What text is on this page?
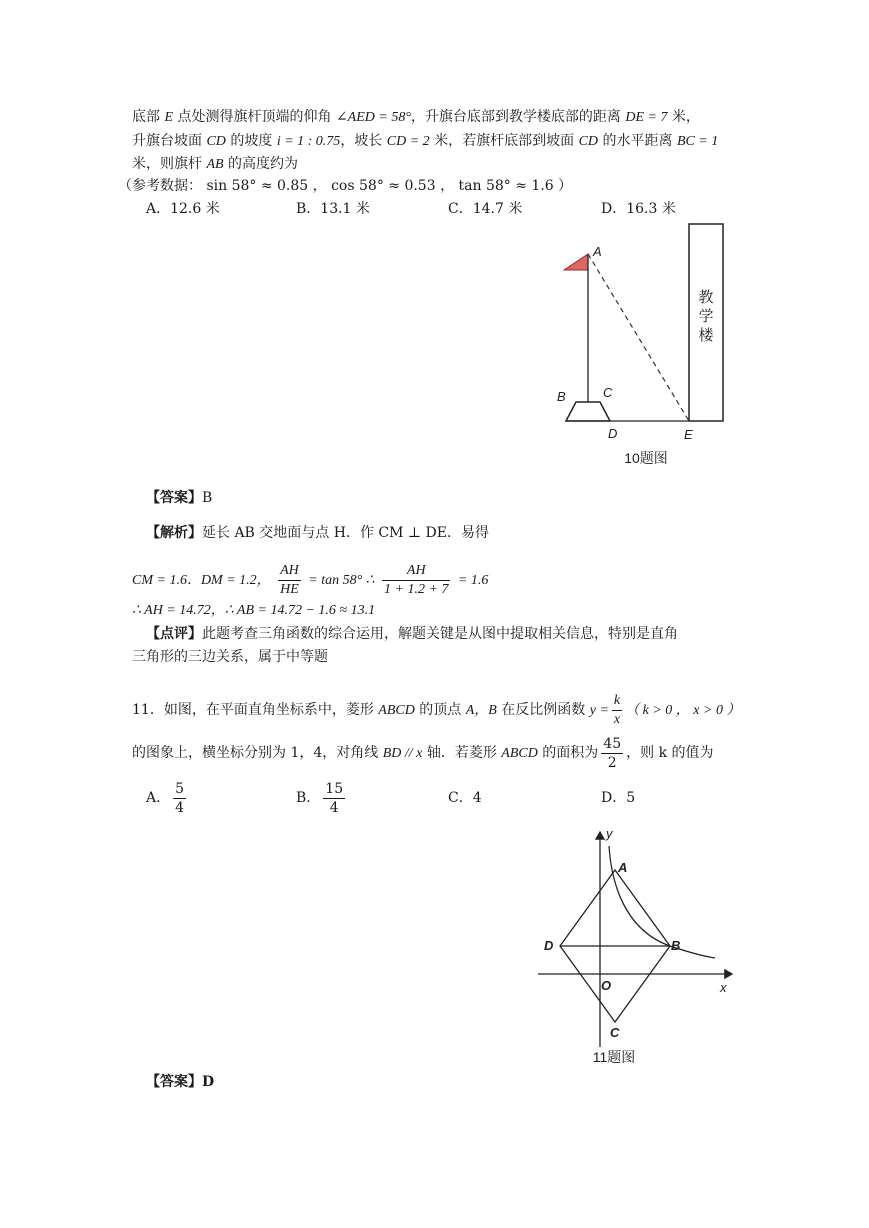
底部 E 点处测得旗杆顶端的仰角 ∠AED = 58°，升旗台底部到教学楼底部的距离 DE = 7 米，
升旗台坡面 CD 的坡度 i = 1 : 0.75，坡长 CD = 2 米，若旗杆底部到坡面 CD 的水平距离 BC = 1
米，则旗杆 AB 的高度约为
（参考数据： sin 58° ≈ 0.85 ， cos 58° ≈ 0.53 ， tan 58° ≈ 1.6 ）
A．12.6 米	B．13.1 米	C．14.7 米	D．16.3 米
教
学
楼
A
B	C
D	E
10题图
【答案】B
【解析】延长 AB 交地面与点 H．作 CM ⊥ DE．易得
CM = 1.6．DM = 1.2， $\frac{AH}{HE} = \tan 58^\circ$ ∴ $\frac{AH}{1 + 1.2 + 7} = 1.6$
∴ AH = 14.72，∴ AB = 14.72 − 1.6 ≈ 13.1
【点评】此题考查三角函数的综合运用，解题关键是从图中提取相关信息，特别是直角
三角形的三边关系，属于中等题
11．如图，在平面直角坐标系中，菱形 ABCD 的顶点 A，B 在反比例函数 $y = \frac{k}{x}$ （ k > 0 ， x > 0 ）
的图象上，横坐标分别为 1，4，对角线 BD // x 轴．若菱形 ABCD 的面积为 $\frac{45}{2}$ ，则 k 的值为
A． $\frac{5}{4}$	B． $\frac{15}{4}$	C．4	D．5
y
x
A
B
C
D
O
11题图
【答案】D
